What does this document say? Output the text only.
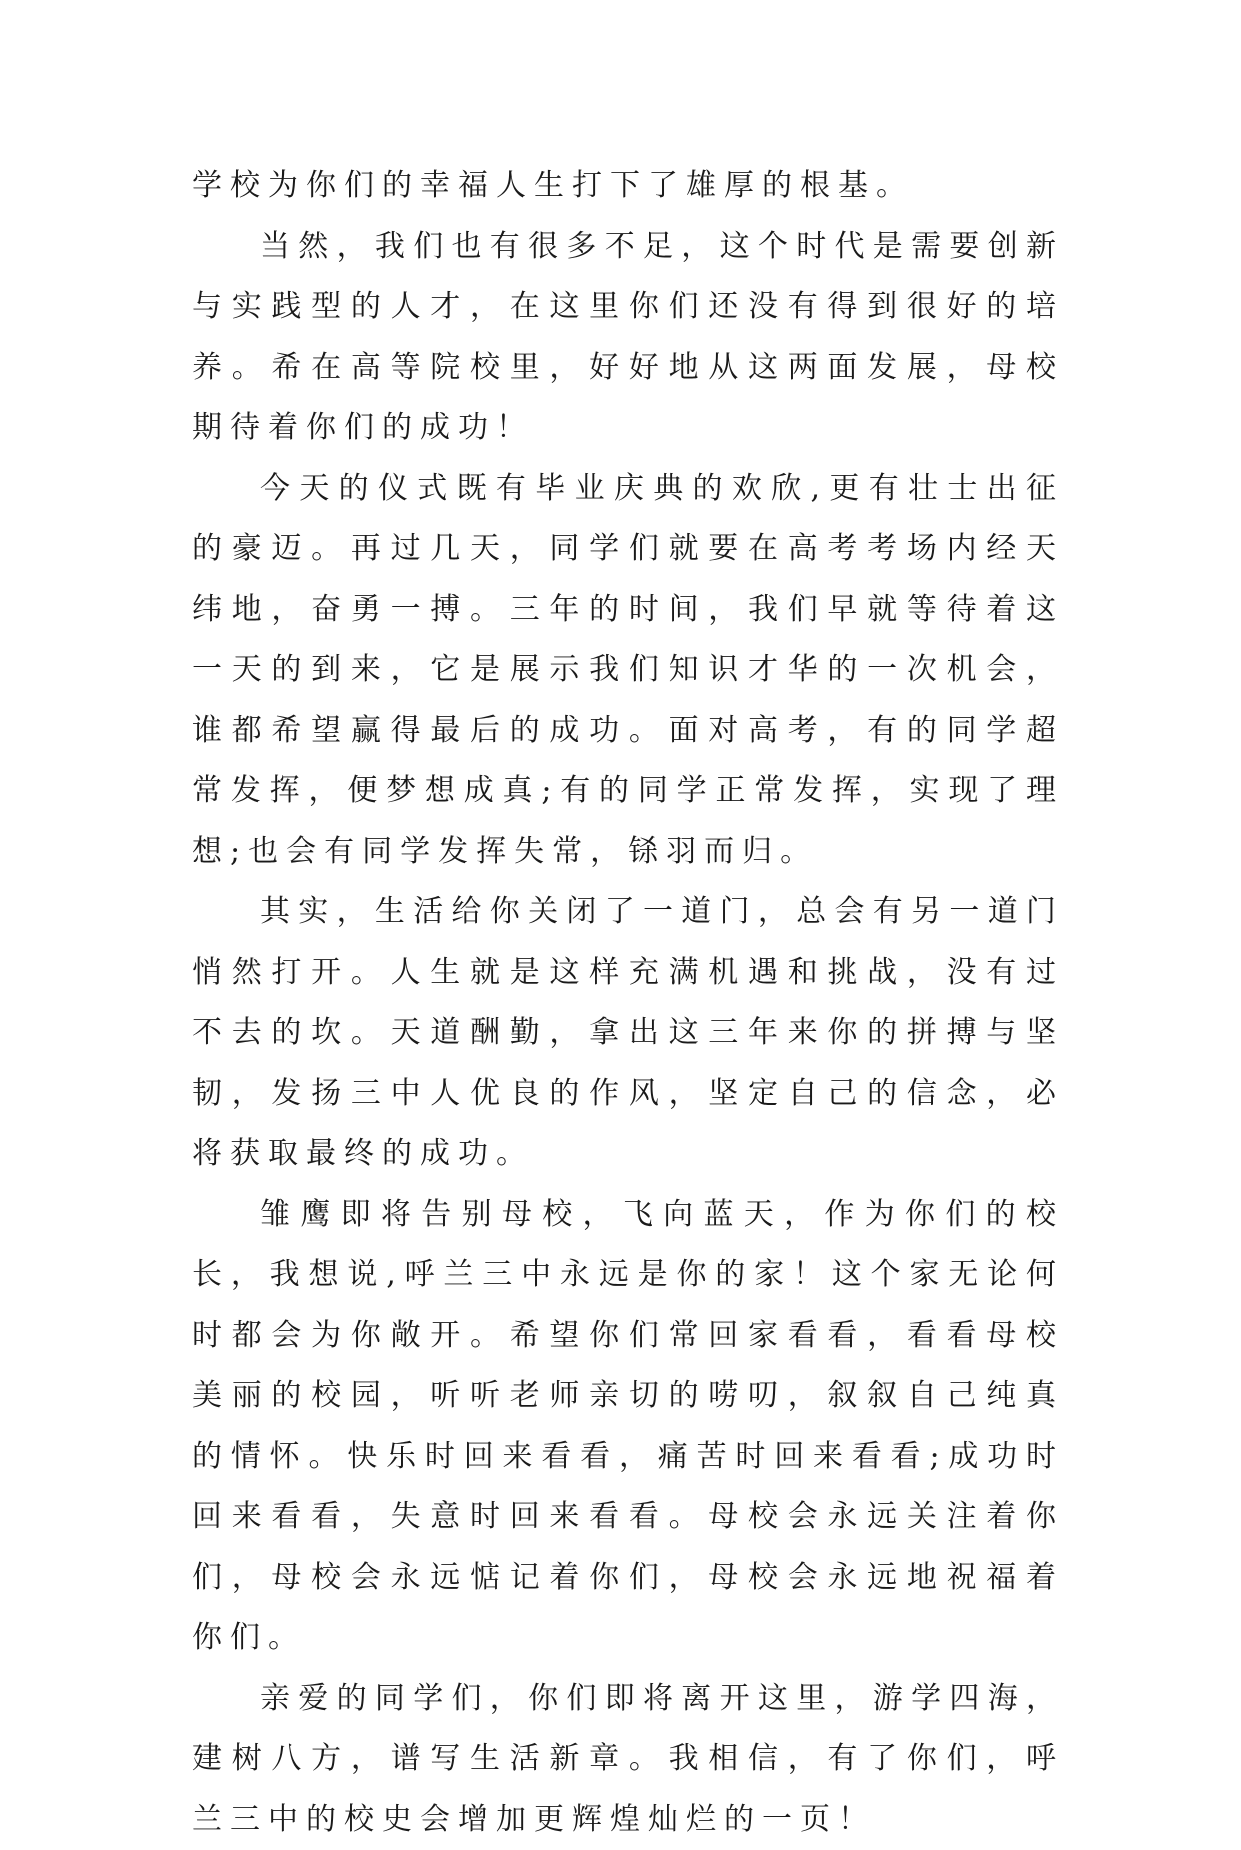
学校为你们的幸福人生打下了雄厚的根基。

当然，我们也有很多不足，这个时代是需要创新与实践型的人才，在这里你们还没有得到很好的培养。希在高等院校里，好好地从这两面发展，母校期待着你们的成功！

今天的仪式既有毕业庆典的欢欣,更有壮士出征的豪迈。再过几天，同学们就要在高考考场内经天纬地，奋勇一搏。三年的时间，我们早就等待着这一天的到来，它是展示我们知识才华的一次机会，谁都希望赢得最后的成功。面对高考，有的同学超常发挥，便梦想成真;有的同学正常发挥，实现了理想;也会有同学发挥失常，铩羽而归。

其实，生活给你关闭了一道门，总会有另一道门悄然打开。人生就是这样充满机遇和挑战，没有过不去的坎。天道酬勤，拿出这三年来你的拼搏与坚韧，发扬三中人优良的作风，坚定自己的信念，必将获取最终的成功。

雏鹰即将告别母校，飞向蓝天，作为你们的校长，我想说,呼兰三中永远是你的家！这个家无论何时都会为你敞开。希望你们常回家看看，看看母校美丽的校园，听听老师亲切的唠叨，叙叙自己纯真的情怀。快乐时回来看看，痛苦时回来看看;成功时回来看看，失意时回来看看。母校会永远关注着你们，母校会永远惦记着你们，母校会永远地祝福着你们。

亲爱的同学们，你们即将离开这里，游学四海，建树八方，谱写生活新章。我相信，有了你们，呼兰三中的校史会增加更辉煌灿烂的一页！
